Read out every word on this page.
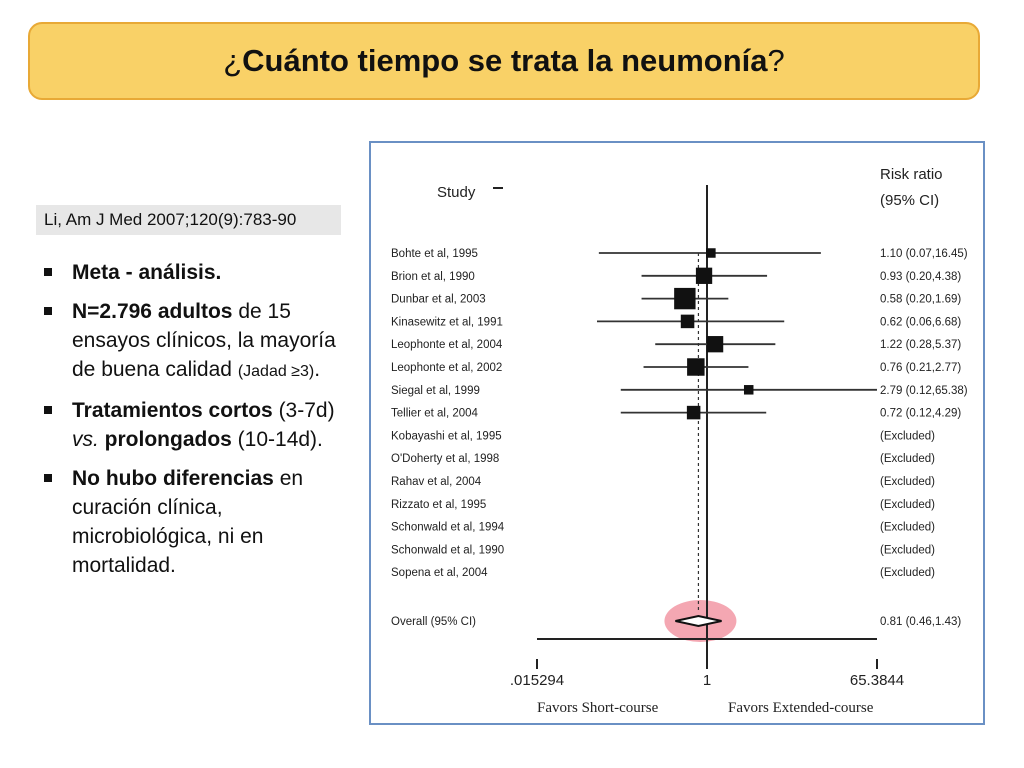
¿ Cuánto tiempo se trata la neumonía ?
Li, Am J Med 2007;120(9):783-90
Meta - análisis.
N=2.796 adultos de 15 ensayos clínicos, la mayoría de buena calidad (Jadad ≥3).
Tratamientos cortos (3-7d) vs. prolongados (10-14d).
No hubo diferencias en curación clínica, microbiológica, ni en mortalidad.
Study
Risk ratio
(95% CI)
Bohte et al, 1995	1.10 (0.07,16.45)
Brion et al, 1990	0.93 (0.20,4.38)
Dunbar et al, 2003	0.58 (0.20,1.69)
Kinasewitz et al, 1991	0.62 (0.06,6.68)
Leophonte et al, 2004	1.22 (0.28,5.37)
Leophonte et al, 2002	0.76 (0.21,2.77)
Siegal et al, 1999	2.79 (0.12,65.38)
Tellier et al, 2004	0.72 (0.12,4.29)
Kobayashi et al, 1995	(Excluded)
O'Doherty et al, 1998	(Excluded)
Rahav et al, 2004	(Excluded)
Rizzato et al, 1995	(Excluded)
Schonwald et al, 1994	(Excluded)
Schonwald et al, 1990	(Excluded)
Sopena et al, 2004	(Excluded)
Overall (95% CI)	0.81 (0.46,1.43)
.015294	1	65.3844
Favors Short-course	Favors Extended-course
